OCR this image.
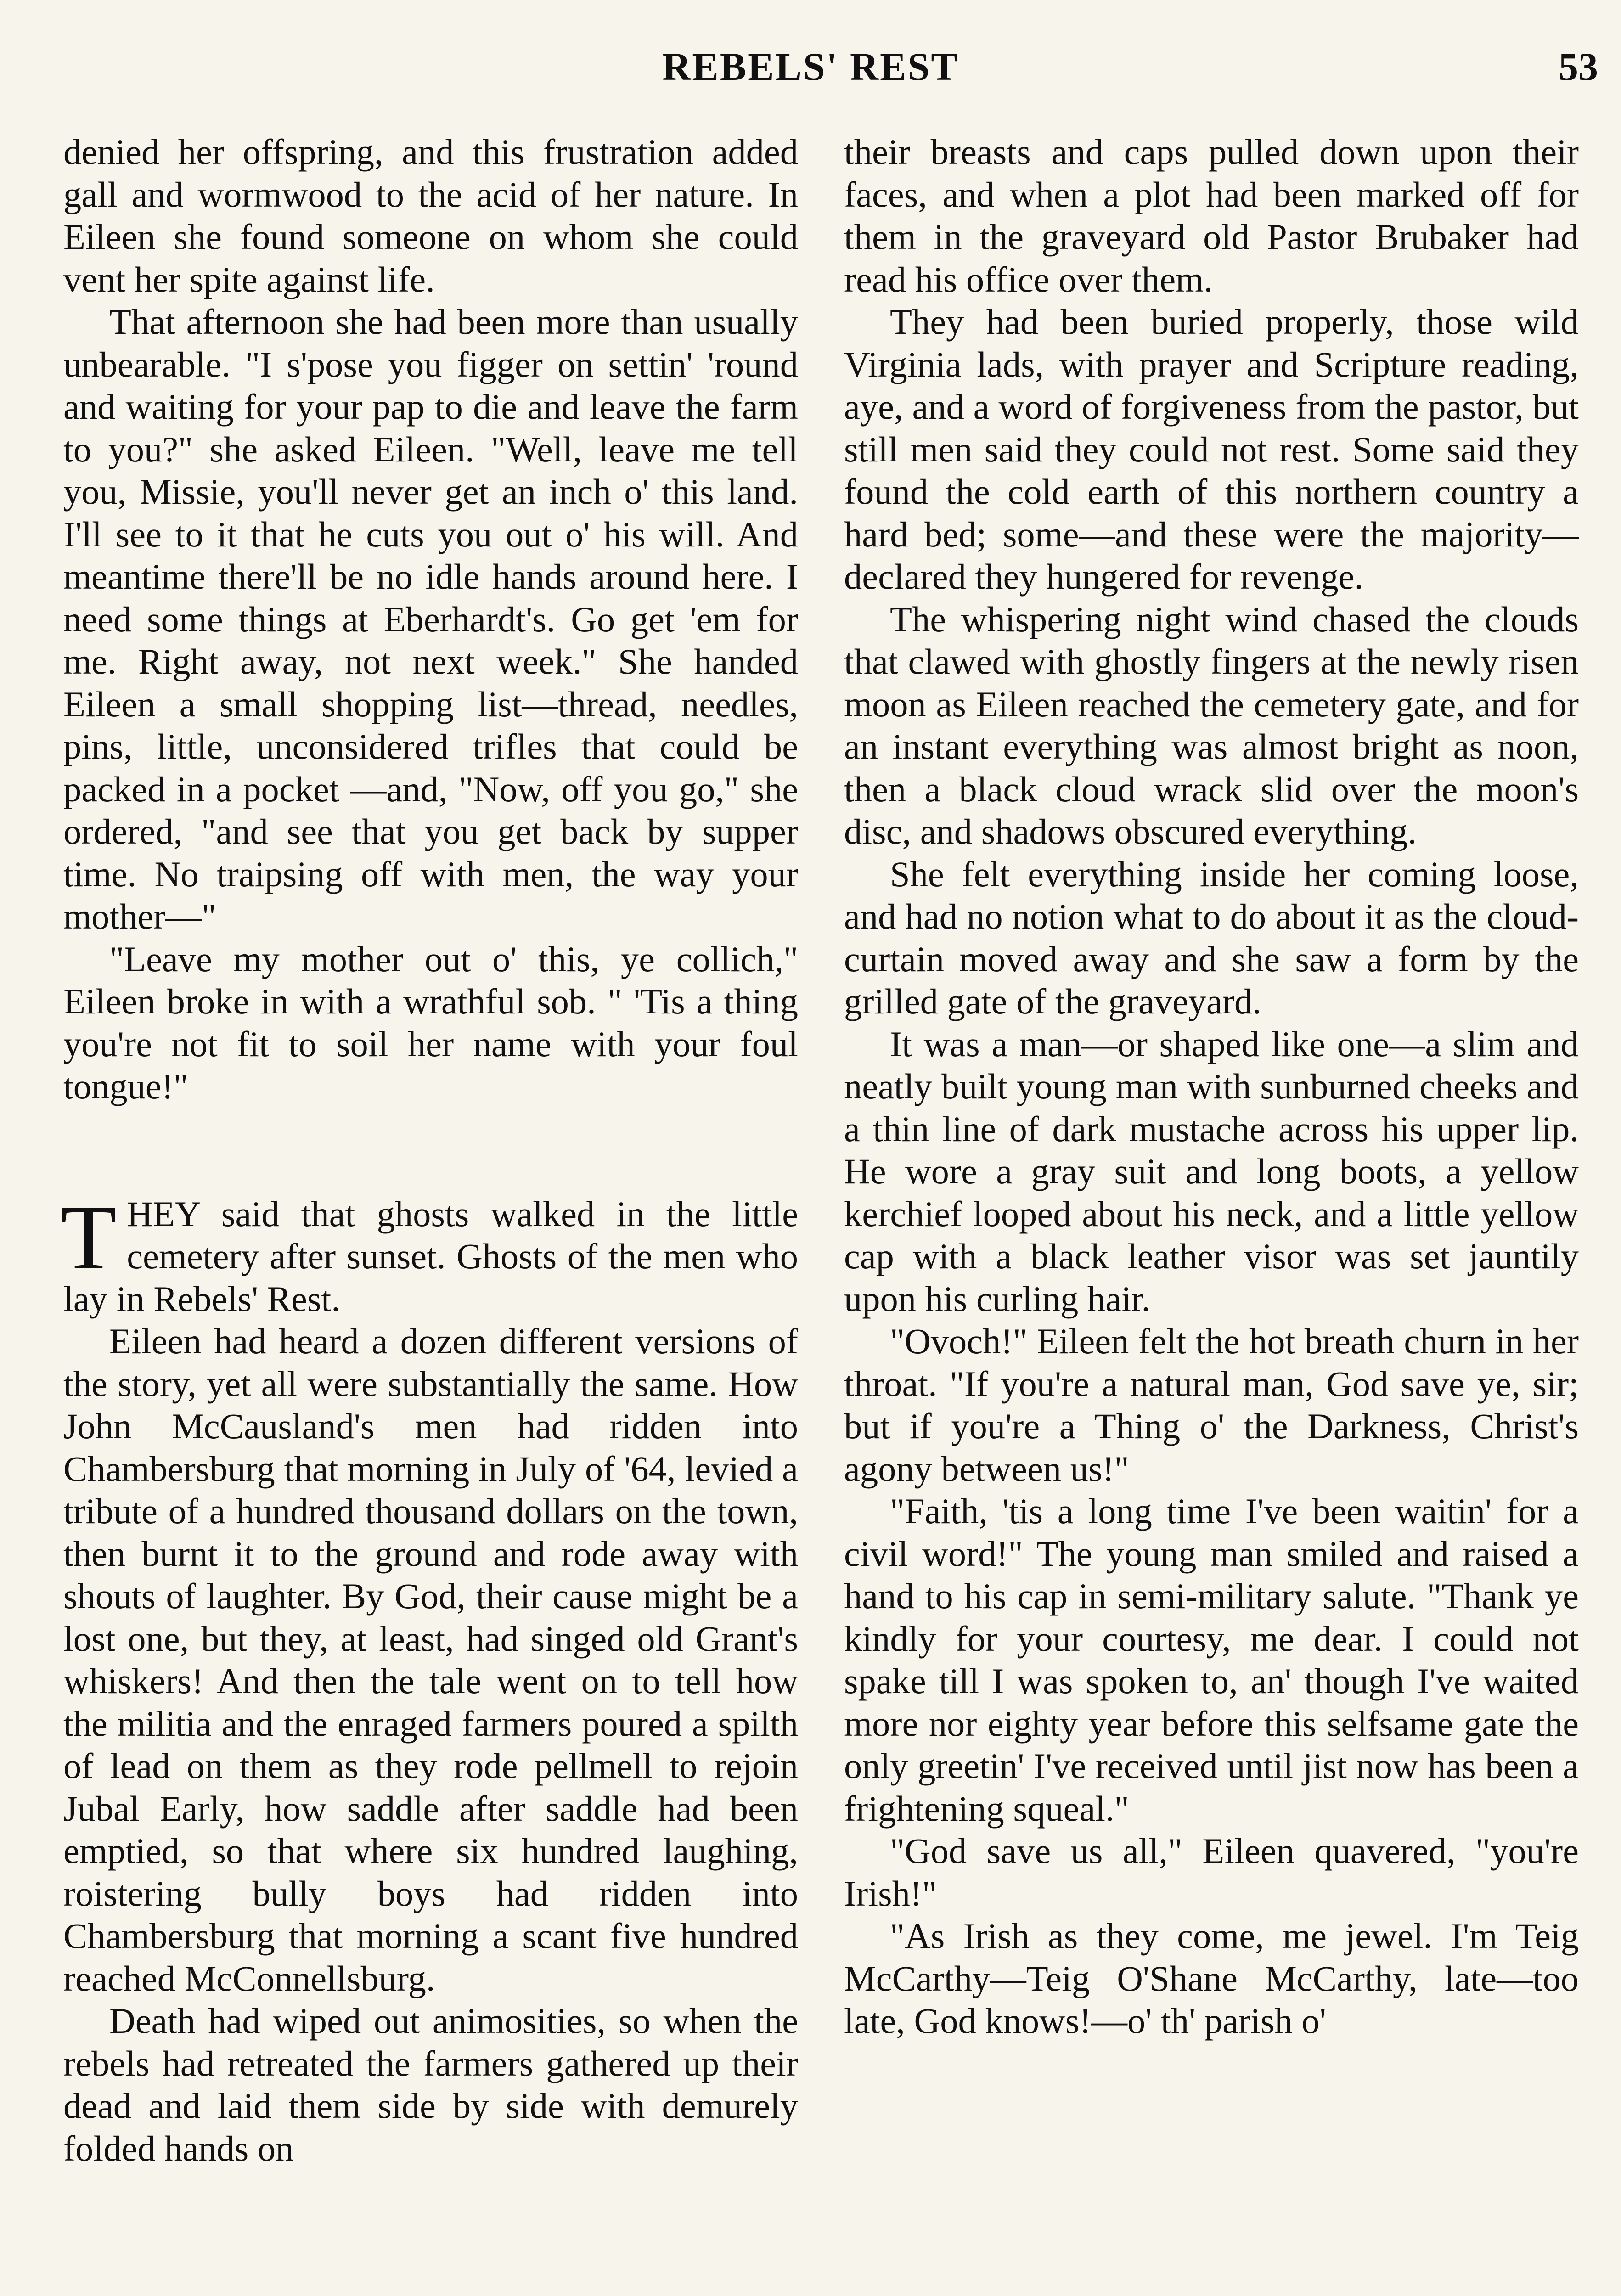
REBELS' REST	53

denied her offspring, and this frustration added gall and wormwood to the acid of her nature. In Eileen she found someone on whom she could vent her spite against life.

That afternoon she had been more than usually unbearable. "I s'pose you figger on settin' 'round and waiting for your pap to die and leave the farm to you?" she asked Eileen. "Well, leave me tell you, Missie, you'll never get an inch o' this land. I'll see to it that he cuts you out o' his will. And meantime there'll be no idle hands around here. I need some things at Eberhardt's. Go get 'em for me. Right away, not next week." She handed Eileen a small shopping list—thread, needles, pins, little, unconsidered trifles that could be packed in a pocket —and, "Now, off you go," she ordered, "and see that you get back by supper time. No traipsing off with men, the way your mother—"

"Leave my mother out o' this, ye collich," Eileen broke in with a wrathful sob. " 'Tis a thing you're not fit to soil her name with your foul tongue!"

THEY said that ghosts walked in the little cemetery after sunset. Ghosts of the men who lay in Rebels' Rest.

Eileen had heard a dozen different versions of the story, yet all were substantially the same. How John McCausland's men had ridden into Chambersburg that morning in July of '64, levied a tribute of a hundred thousand dollars on the town, then burnt it to the ground and rode away with shouts of laughter. By God, their cause might be a lost one, but they, at least, had singed old Grant's whiskers! And then the tale went on to tell how the militia and the enraged farmers poured a spilth of lead on them as they rode pellmell to rejoin Jubal Early, how saddle after saddle had been emptied, so that where six hundred laughing, roistering bully boys had ridden into Chambersburg that morning a scant five hundred reached McConnellsburg.

Death had wiped out animosities, so when the rebels had retreated the farmers gathered up their dead and laid them side by side with demurely folded hands on

their breasts and caps pulled down upon their faces, and when a plot had been marked off for them in the graveyard old Pastor Brubaker had read his office over them.

They had been buried properly, those wild Virginia lads, with prayer and Scripture reading, aye, and a word of forgiveness from the pastor, but still men said they could not rest. Some said they found the cold earth of this northern country a hard bed; some—and these were the majority—declared they hungered for revenge.

The whispering night wind chased the clouds that clawed with ghostly fingers at the newly risen moon as Eileen reached the cemetery gate, and for an instant everything was almost bright as noon, then a black cloud wrack slid over the moon's disc, and shadows obscured everything.

She felt everything inside her coming loose, and had no notion what to do about it as the cloud-curtain moved away and she saw a form by the grilled gate of the graveyard.

It was a man—or shaped like one—a slim and neatly built young man with sunburned cheeks and a thin line of dark mustache across his upper lip. He wore a gray suit and long boots, a yellow kerchief looped about his neck, and a little yellow cap with a black leather visor was set jauntily upon his curling hair.

"Ovoch!" Eileen felt the hot breath churn in her throat. "If you're a natural man, God save ye, sir; but if you're a Thing o' the Darkness, Christ's agony between us!"

"Faith, 'tis a long time I've been waitin' for a civil word!" The young man smiled and raised a hand to his cap in semi-military salute. "Thank ye kindly for your courtesy, me dear. I could not spake till I was spoken to, an' though I've waited more nor eighty year before this selfsame gate the only greetin' I've received until jist now has been a frightening squeal."

"God save us all," Eileen quavered, "you're Irish!"

"As Irish as they come, me jewel. I'm Teig McCarthy—Teig O'Shane McCarthy, late—too late, God knows!—o' th' parish o'
